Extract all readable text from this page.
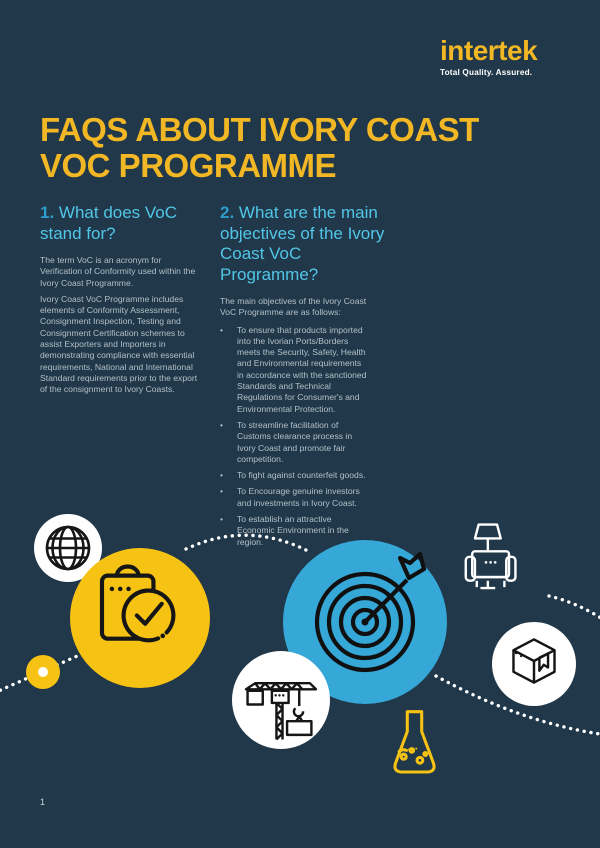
intertek
Total Quality. Assured.
FAQS ABOUT IVORY COAST VOC PROGRAMME
1. What does VoC stand for?

The term VoC is an acronym for Verification of Conformity used within the Ivory Coast Programme.

Ivory Coast VoC Programme includes elements of Conformity Assessment, Consignment Inspection, Testing and Consignment Certification schemes to assist Exporters and Importers in demonstrating compliance with essential requirements, National and International Standard requirements prior to the export of the consignment to Ivory Coasts.

2. What are the main objectives of the Ivory Coast VoC Programme?

The main objectives of the Ivory Coast VoC Programme are as follows:

• To ensure that products imported into the Ivorian Ports/Borders meets the Security, Safety, Health and Environmental requirements in accordance with the sanctioned Standards and Technical Regulations for Consumer's and Environmental Protection.
• To streamline facilitation of Customs clearance process in Ivory Coast and promote fair competition.
• To fight against counterfeit goods.
• To Encourage genuine investors and investments in Ivory Coast.
• To establish an attractive Economic Environment in the region.
1
